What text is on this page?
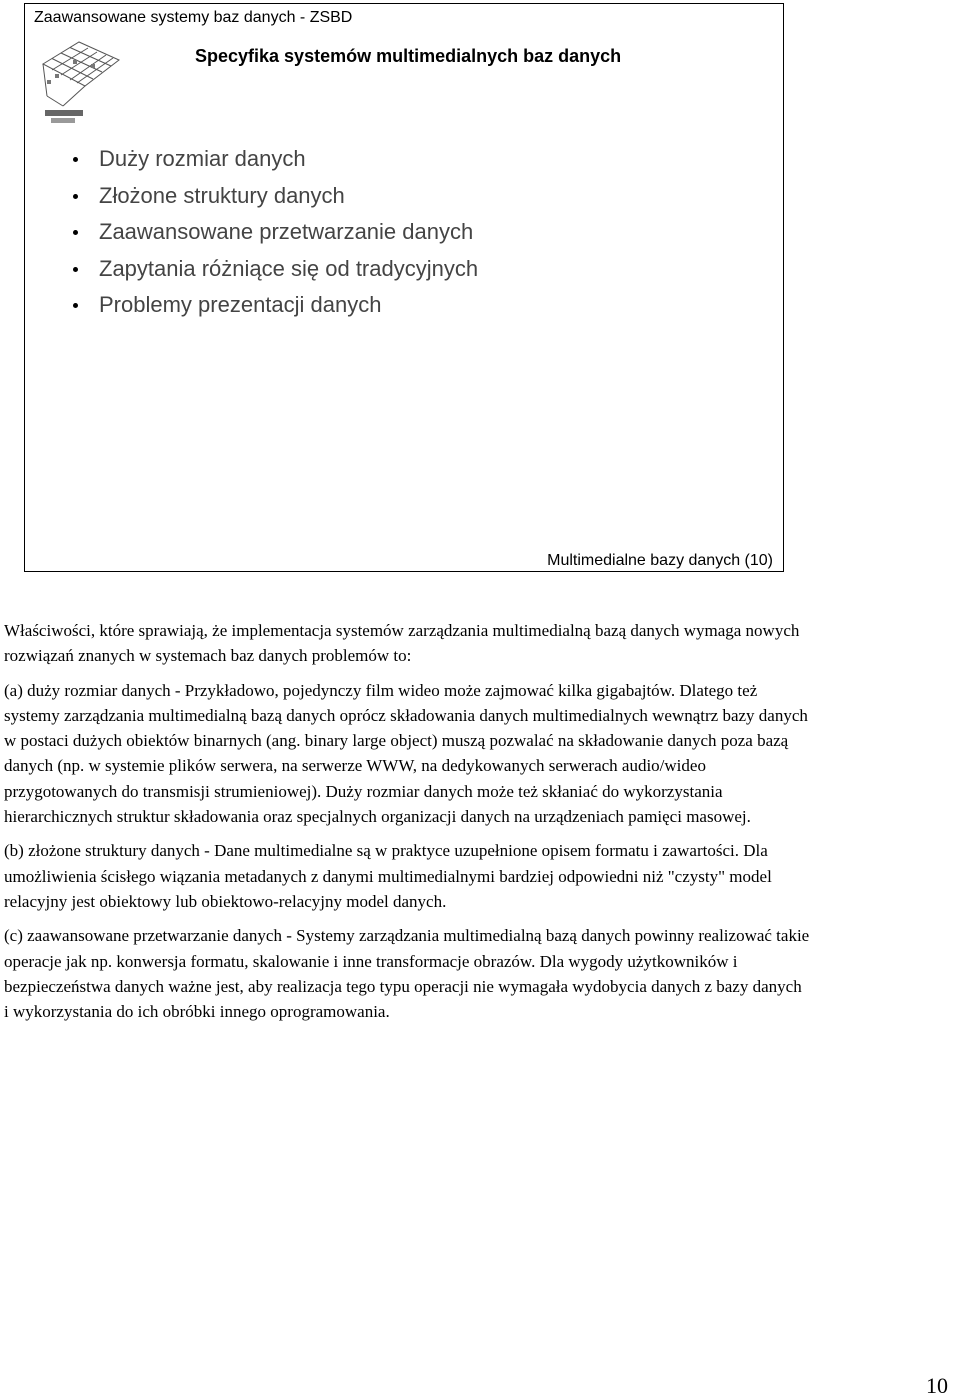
Zaawansowane systemy baz danych - ZSBD
Specyfika systemów multimedialnych baz danych
Duży rozmiar danych
Złożone struktury danych
Zaawansowane przetwarzanie danych
Zapytania różniące się od tradycyjnych
Problemy prezentacji danych
Multimedialne bazy danych (10)

Właściwości, które sprawiają, że implementacja systemów zarządzania multimedialną bazą danych wymaga nowych rozwiązań znanych w systemach baz danych problemów to:

(a) duży rozmiar danych - Przykładowo, pojedynczy film wideo może zajmować kilka gigabajtów. Dlatego też systemy zarządzania multimedialną bazą danych oprócz składowania danych multimedialnych wewnątrz bazy danych w postaci dużych obiektów binarnych (ang. binary large object) muszą pozwalać na składowanie danych poza bazą danych (np. w systemie plików serwera, na serwerze WWW, na dedykowanych serwerach audio/wideo przygotowanych do transmisji strumieniowej). Duży rozmiar danych może też skłaniać do wykorzystania hierarchicznych struktur składowania oraz specjalnych organizacji danych na urządzeniach pamięci masowej.

(b) złożone struktury danych - Dane multimedialne są w praktyce uzupełnione opisem formatu i zawartości. Dla umożliwienia ścisłego wiązania metadanych z danymi multimedialnymi bardziej odpowiedni niż "czysty" model relacyjny jest obiektowy lub obiektowo-relacyjny model danych.

(c) zaawansowane przetwarzanie danych - Systemy zarządzania multimedialną bazą danych powinny realizować takie operacje jak np. konwersja formatu, skalowanie i inne transformacje obrazów. Dla wygody użytkowników i bezpieczeństwa danych ważne jest, aby realizacja tego typu operacji nie wymagała wydobycia danych z bazy danych i wykorzystania do ich obróbki innego oprogramowania.

10
